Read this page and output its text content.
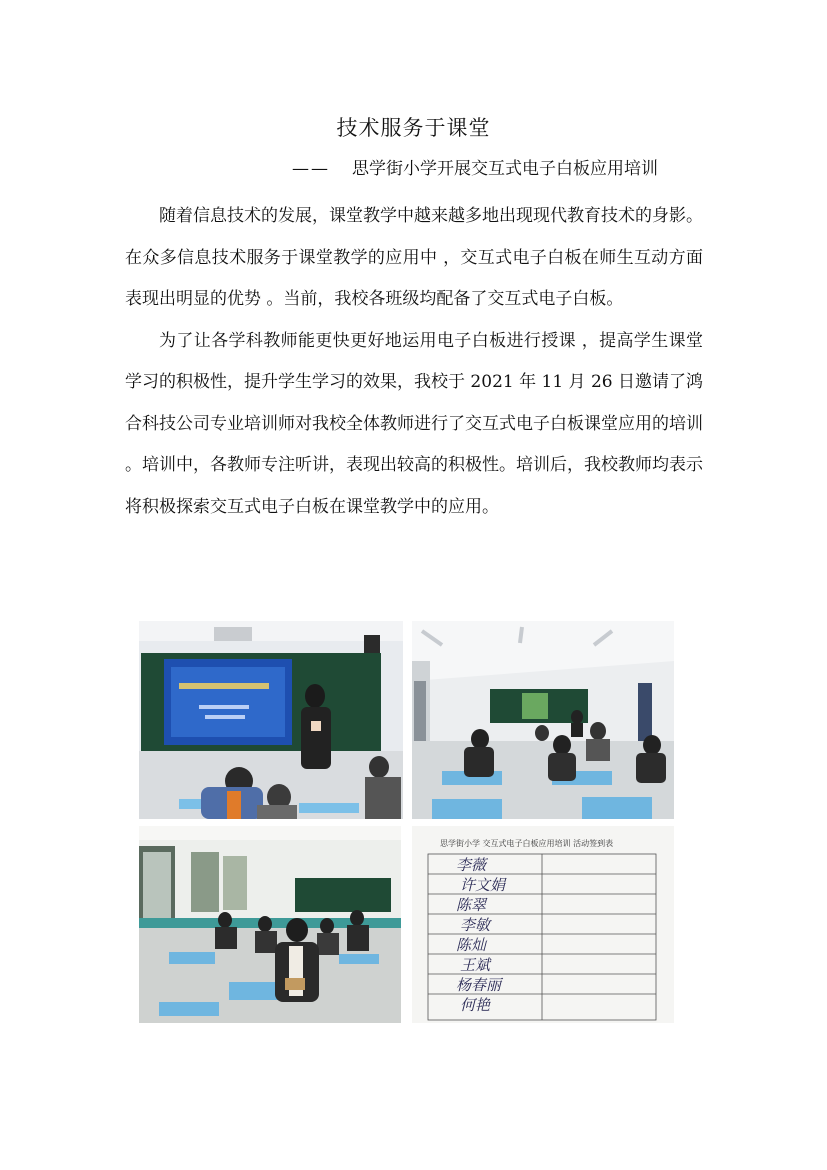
技术服务于课堂
—— 思学街小学开展交互式电子白板应用培训

随着信息技术的发展，课堂教学中越来越多地出现现代教育技术的身影。在众多信息技术服务于课堂教学的应用中 ，交互式电子白板在师生互动方面表现出明显的优势 。当前，我校各班级均配备了交互式电子白板。

为了让各学科教师能更快更好地运用电子白板进行授课 ，提高学生课堂学习的积极性，提升学生学习的效果，我校于 2021 年 11 月 26 日邀请了鸿合科技公司专业培训师对我校全体教师进行了交互式电子白板课堂应用的培训 。培训中，各教师专注听讲，表现出较高的积极性。培训后，我校教师均表示将积极探索交互式电子白板在课堂教学中的应用。

思学街小学 交互式电子白板应用培训 活动签到表
李薇
许文娟
陈翠
李敏
陈灿
王斌
杨春丽
何艳
